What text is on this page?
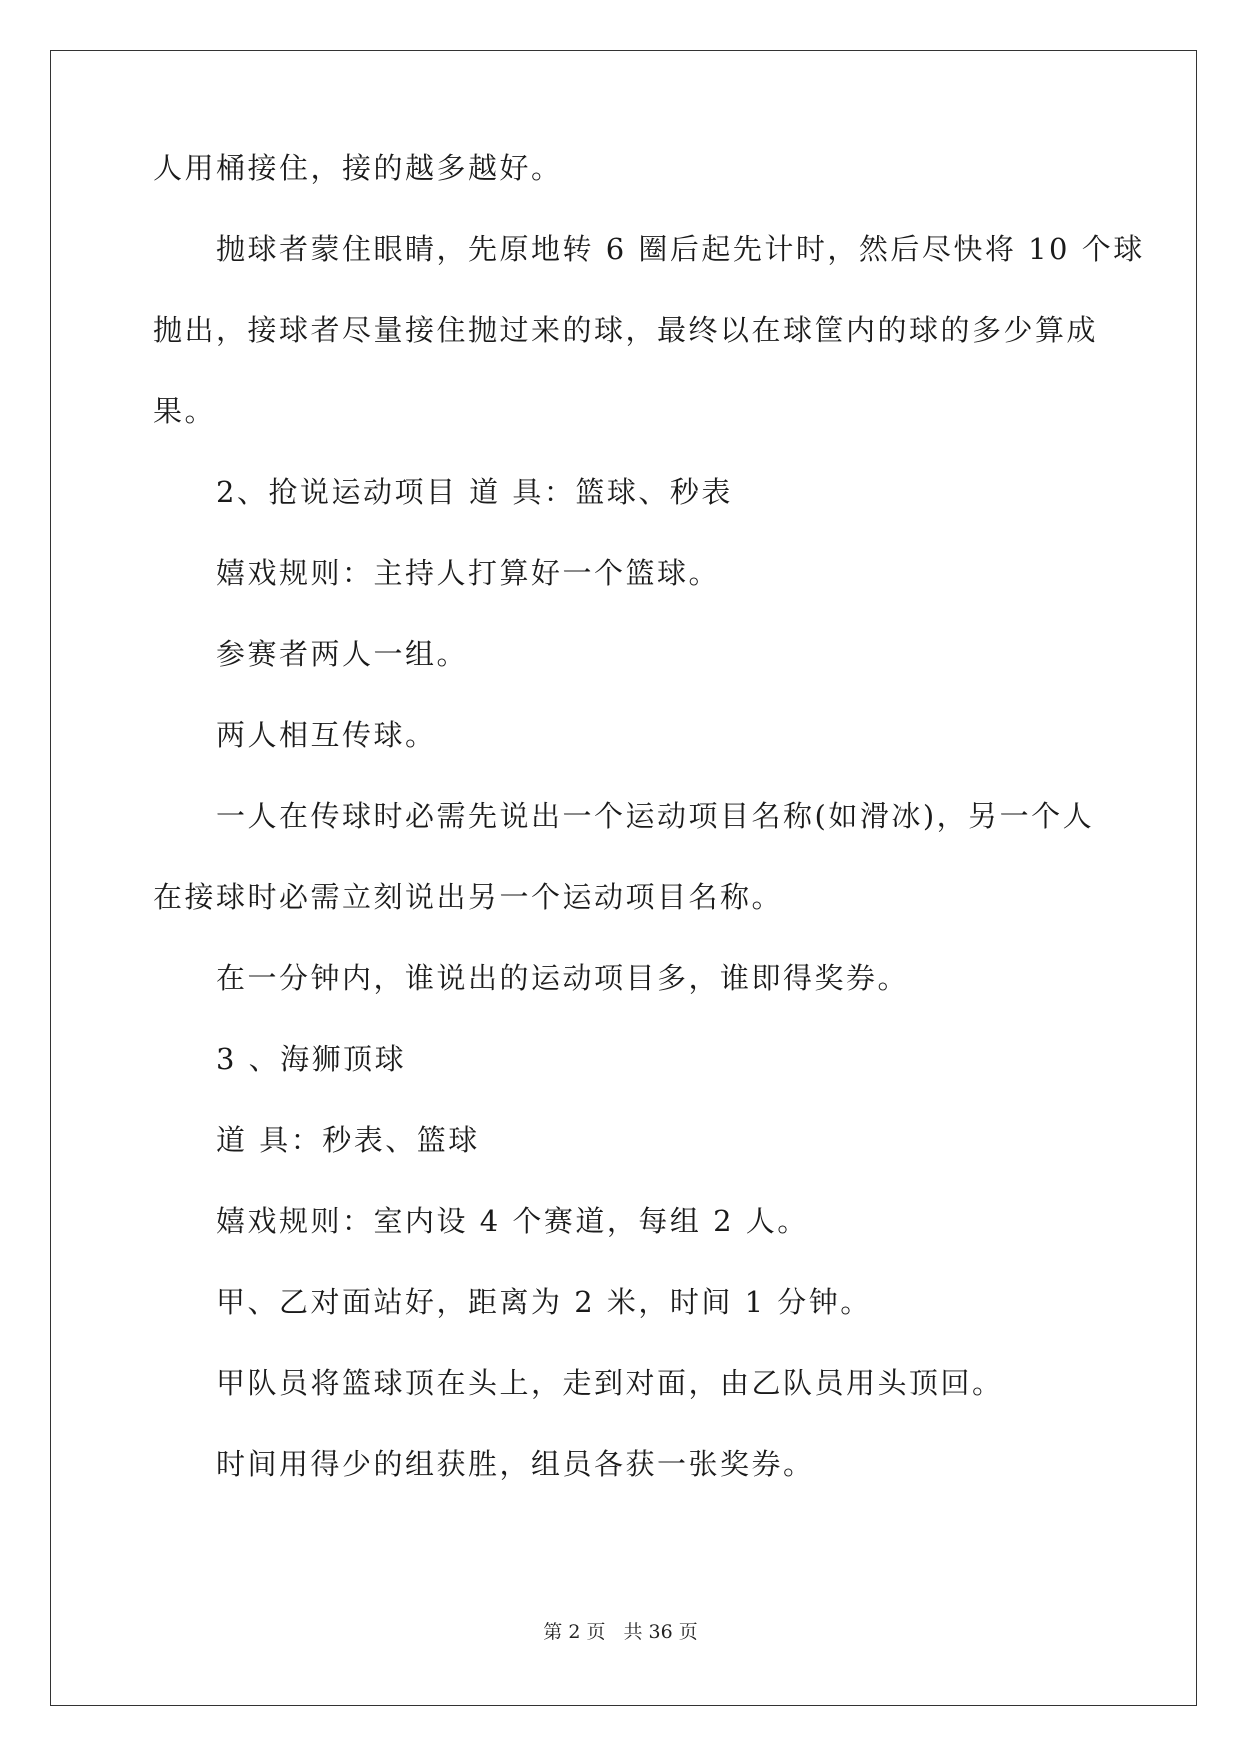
人用桶接住，接的越多越好。
抛球者蒙住眼睛，先原地转 6 圈后起先计时，然后尽快将 10 个球
抛出，接球者尽量接住抛过来的球，最终以在球筐内的球的多少算成
果。
2、抢说运动项目 道 具：篮球、秒表
嬉戏规则：主持人打算好一个篮球。
参赛者两人一组。
两人相互传球。
一人在传球时必需先说出一个运动项目名称(如滑冰)，另一个人
在接球时必需立刻说出另一个运动项目名称。
在一分钟内，谁说出的运动项目多，谁即得奖券。
3 、海狮顶球
道 具：秒表、篮球
嬉戏规则：室内设 4 个赛道，每组 2 人。
甲、乙对面站好，距离为 2 米，时间 1 分钟。
甲队员将篮球顶在头上，走到对面，由乙队员用头顶回。
时间用得少的组获胜，组员各获一张奖券。
第 2 页 共 36 页
